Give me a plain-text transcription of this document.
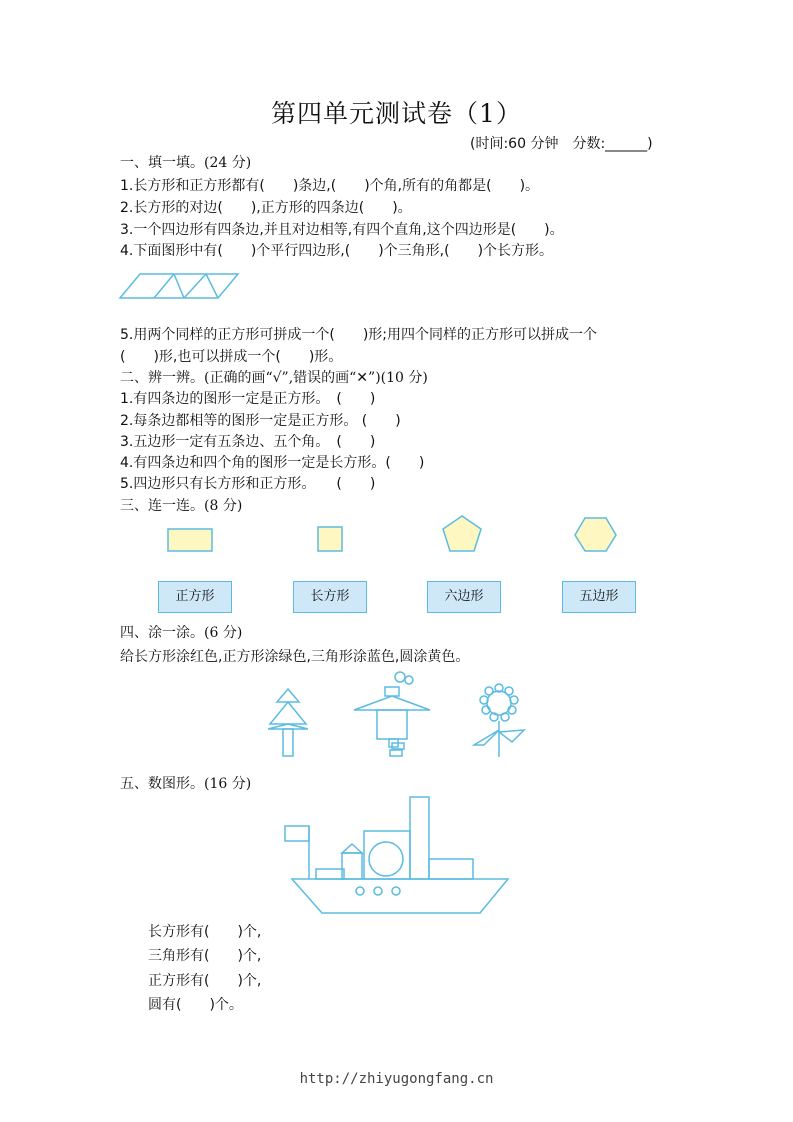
第四单元测试卷（1）
(时间:60 分钟　分数:______)
一、填一填。(24 分)
1.长方形和正方形都有(　　)条边,(　　)个角,所有的角都是(　　)。
2.长方形的对边(　　),正方形的四条边(　　)。
3.一个四边形有四条边,并且对边相等,有四个直角,这个四边形是(　　)。
4.下面图形中有(　　)个平行四边形,(　　)个三角形,(　　)个长方形。
5.用两个同样的正方形可拼成一个(　　)形;用四个同样的正方形可以拼成一个
(　　)形,也可以拼成一个(　　)形。
二、辨一辨。(正确的画“√”,错误的画“✕”)(10 分)
1.有四条边的图形一定是正方形。　(　　)
2.每条边都相等的图形一定是正方形。 (　　)
3.五边形一定有五条边、五个角。　(　　)
4.有四条边和四个角的图形一定是长方形。(　　)
5.四边形只有长方形和正方形。　　(　　)
三、连一连。(8 分)
正方形	长方形	六边形	五边形
四、涂一涂。(6 分)
给长方形涂红色,正方形涂绿色,三角形涂蓝色,圆涂黄色。
五、数图形。(16 分)
长方形有(　　)个,
三角形有(　　)个,
正方形有(　　)个,
圆有(　　)个。
http://zhiyugongfang.cn
